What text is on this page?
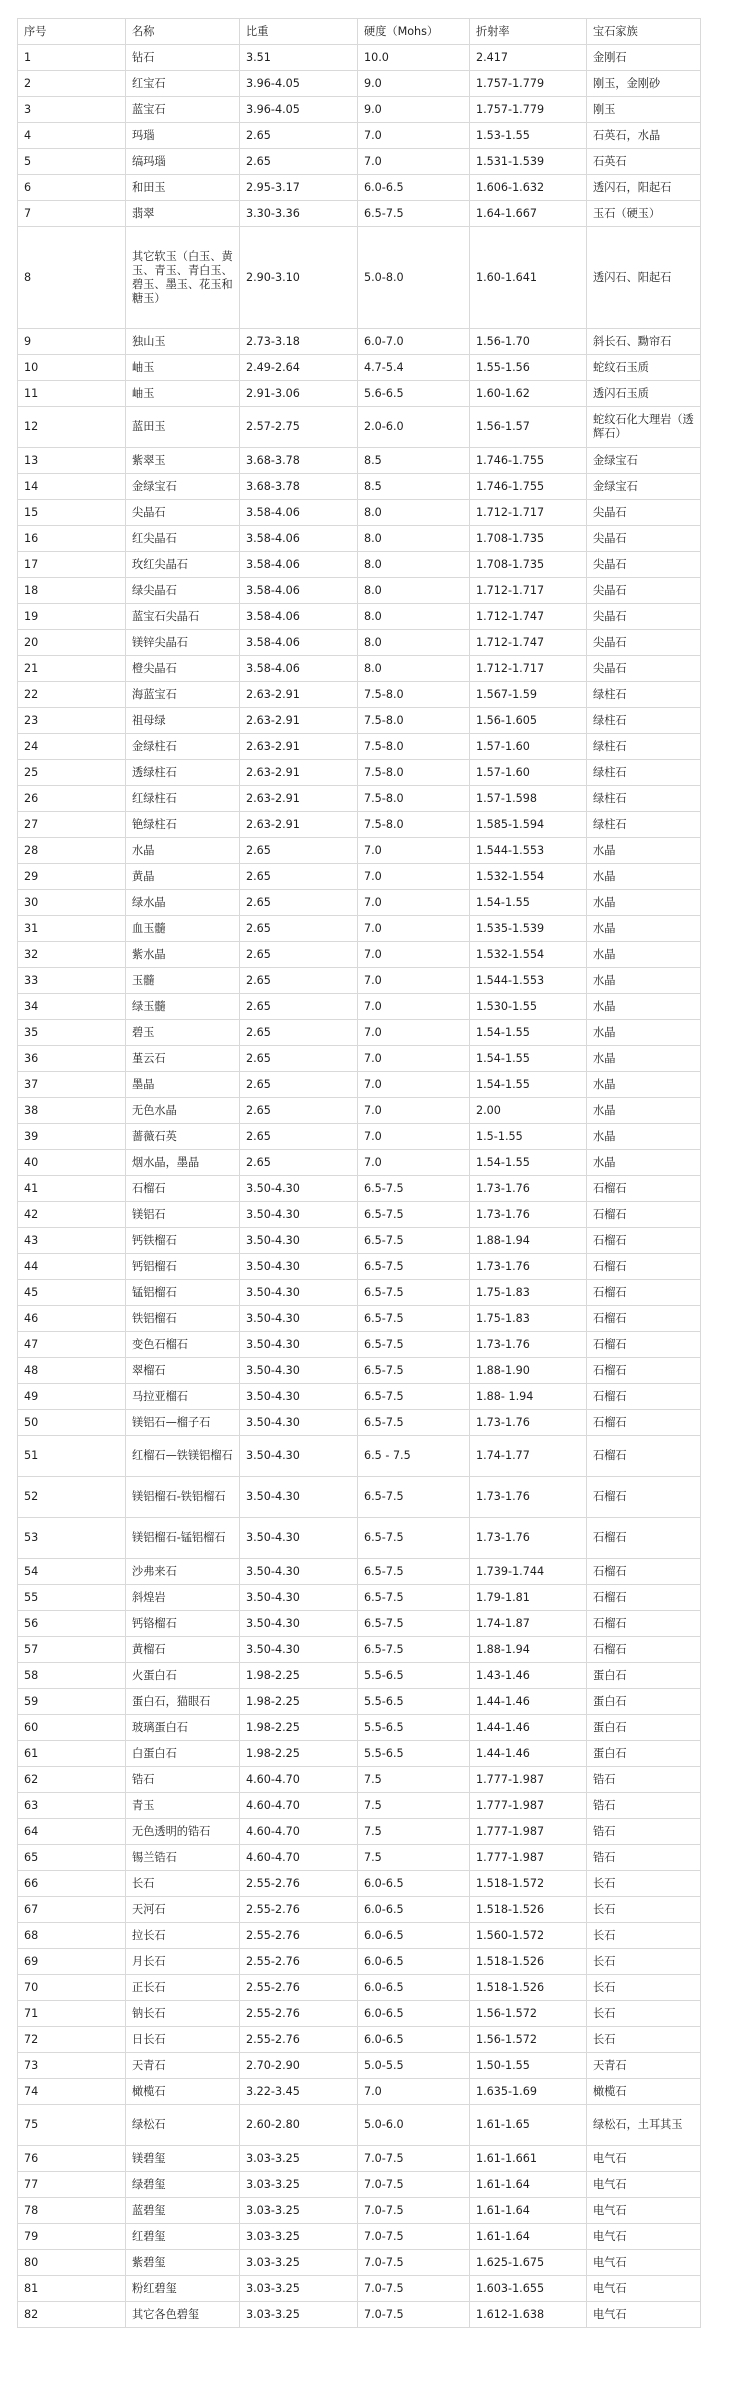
序号	名称	比重	硬度（Mohs）	折射率	宝石家族
1	钻石	3.51	10.0	2.417	金刚石
2	红宝石	3.96-4.05	9.0	1.757-1.779	刚玉，金刚砂
3	蓝宝石	3.96-4.05	9.0	1.757-1.779	刚玉
4	玛瑙	2.65	7.0	1.53-1.55	石英石，水晶
5	缟玛瑙	2.65	7.0	1.531-1.539	石英石
6	和田玉	2.95-3.17	6.0-6.5	1.606-1.632	透闪石，阳起石
7	翡翠	3.30-3.36	6.5-7.5	1.64-1.667	玉石（硬玉）
8	其它软玉（白玉、黄玉、青玉、青白玉、碧玉、墨玉、花玉和糖玉）	2.90-3.10	5.0-8.0	1.60-1.641	透闪石、阳起石
9	独山玉	2.73-3.18	6.0-7.0	1.56-1.70	斜长石、黝帘石
10	岫玉	2.49-2.64	4.7-5.4	1.55-1.56	蛇纹石玉质
11	岫玉	2.91-3.06	5.6-6.5	1.60-1.62	透闪石玉质
12	蓝田玉	2.57-2.75	2.0-6.0	1.56-1.57	蛇纹石化大理岩（透辉石）
13	紫翠玉	3.68-3.78	8.5	1.746-1.755	金绿宝石
14	金绿宝石	3.68-3.78	8.5	1.746-1.755	金绿宝石
15	尖晶石	3.58-4.06	8.0	1.712-1.717	尖晶石
16	红尖晶石	3.58-4.06	8.0	1.708-1.735	尖晶石
17	玫红尖晶石	3.58-4.06	8.0	1.708-1.735	尖晶石
18	绿尖晶石	3.58-4.06	8.0	1.712-1.717	尖晶石
19	蓝宝石尖晶石	3.58-4.06	8.0	1.712-1.747	尖晶石
20	镁锌尖晶石	3.58-4.06	8.0	1.712-1.747	尖晶石
21	橙尖晶石	3.58-4.06	8.0	1.712-1.717	尖晶石
22	海蓝宝石	2.63-2.91	7.5-8.0	1.567-1.59	绿柱石
23	祖母绿	2.63-2.91	7.5-8.0	1.56-1.605	绿柱石
24	金绿柱石	2.63-2.91	7.5-8.0	1.57-1.60	绿柱石
25	透绿柱石	2.63-2.91	7.5-8.0	1.57-1.60	绿柱石
26	红绿柱石	2.63-2.91	7.5-8.0	1.57-1.598	绿柱石
27	铯绿柱石	2.63-2.91	7.5-8.0	1.585-1.594	绿柱石
28	水晶	2.65	7.0	1.544-1.553	水晶
29	黄晶	2.65	7.0	1.532-1.554	水晶
30	绿水晶	2.65	7.0	1.54-1.55	水晶
31	血玉髓	2.65	7.0	1.535-1.539	水晶
32	紫水晶	2.65	7.0	1.532-1.554	水晶
33	玉髓	2.65	7.0	1.544-1.553	水晶
34	绿玉髓	2.65	7.0	1.530-1.55	水晶
35	碧玉	2.65	7.0	1.54-1.55	水晶
36	堇云石	2.65	7.0	1.54-1.55	水晶
37	墨晶	2.65	7.0	1.54-1.55	水晶
38	无色水晶	2.65	7.0	2.00	水晶
39	蔷薇石英	2.65	7.0	1.5-1.55	水晶
40	烟水晶，墨晶	2.65	7.0	1.54-1.55	水晶
41	石榴石	3.50-4.30	6.5-7.5	1.73-1.76	石榴石
42	镁铝石	3.50-4.30	6.5-7.5	1.73-1.76	石榴石
43	钙铁榴石	3.50-4.30	6.5-7.5	1.88-1.94	石榴石
44	钙铝榴石	3.50-4.30	6.5-7.5	1.73-1.76	石榴石
45	锰铝榴石	3.50-4.30	6.5-7.5	1.75-1.83	石榴石
46	铁铝榴石	3.50-4.30	6.5-7.5	1.75-1.83	石榴石
47	变色石榴石	3.50-4.30	6.5-7.5	1.73-1.76	石榴石
48	翠榴石	3.50-4.30	6.5-7.5	1.88-1.90	石榴石
49	马拉亚榴石	3.50-4.30	6.5-7.5	1.88- 1.94	石榴石
50	镁铝石—榴子石	3.50-4.30	6.5-7.5	1.73-1.76	石榴石
51	红榴石—铁镁铝榴石	3.50-4.30	6.5 - 7.5	1.74-1.77	石榴石
52	镁铝榴石-铁铝榴石	3.50-4.30	6.5-7.5	1.73-1.76	石榴石
53	镁铝榴石-锰铝榴石	3.50-4.30	6.5-7.5	1.73-1.76	石榴石
54	沙弗来石	3.50-4.30	6.5-7.5	1.739-1.744	石榴石
55	斜煌岩	3.50-4.30	6.5-7.5	1.79-1.81	石榴石
56	钙铬榴石	3.50-4.30	6.5-7.5	1.74-1.87	石榴石
57	黄榴石	3.50-4.30	6.5-7.5	1.88-1.94	石榴石
58	火蛋白石	1.98-2.25	5.5-6.5	1.43-1.46	蛋白石
59	蛋白石，猫眼石	1.98-2.25	5.5-6.5	1.44-1.46	蛋白石
60	玻璃蛋白石	1.98-2.25	5.5-6.5	1.44-1.46	蛋白石
61	白蛋白石	1.98-2.25	5.5-6.5	1.44-1.46	蛋白石
62	锆石	4.60-4.70	7.5	1.777-1.987	锆石
63	青玉	4.60-4.70	7.5	1.777-1.987	锆石
64	无色透明的锆石	4.60-4.70	7.5	1.777-1.987	锆石
65	锡兰锆石	4.60-4.70	7.5	1.777-1.987	锆石
66	长石	2.55-2.76	6.0-6.5	1.518-1.572	长石
67	天河石	2.55-2.76	6.0-6.5	1.518-1.526	长石
68	拉长石	2.55-2.76	6.0-6.5	1.560-1.572	长石
69	月长石	2.55-2.76	6.0-6.5	1.518-1.526	长石
70	正长石	2.55-2.76	6.0-6.5	1.518-1.526	长石
71	钠长石	2.55-2.76	6.0-6.5	1.56-1.572	长石
72	日长石	2.55-2.76	6.0-6.5	1.56-1.572	长石
73	天青石	2.70-2.90	5.0-5.5	1.50-1.55	天青石
74	橄榄石	3.22-3.45	7.0	1.635-1.69	橄榄石
75	绿松石	2.60-2.80	5.0-6.0	1.61-1.65	绿松石，土耳其玉
76	镁碧玺	3.03-3.25	7.0-7.5	1.61-1.661	电气石
77	绿碧玺	3.03-3.25	7.0-7.5	1.61-1.64	电气石
78	蓝碧玺	3.03-3.25	7.0-7.5	1.61-1.64	电气石
79	红碧玺	3.03-3.25	7.0-7.5	1.61-1.64	电气石
80	紫碧玺	3.03-3.25	7.0-7.5	1.625-1.675	电气石
81	粉红碧玺	3.03-3.25	7.0-7.5	1.603-1.655	电气石
82	其它各色碧玺	3.03-3.25	7.0-7.5	1.612-1.638	电气石
